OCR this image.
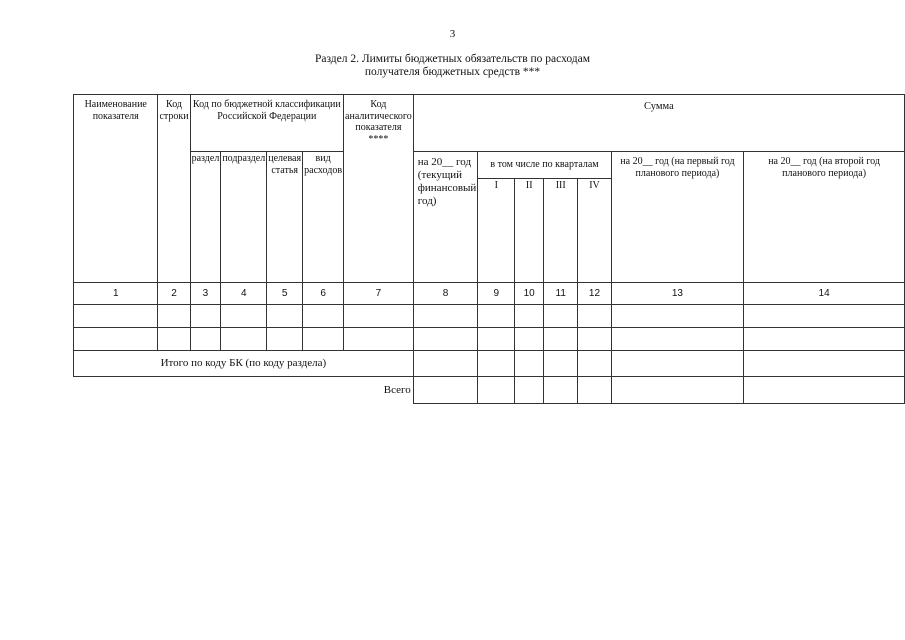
3
Раздел 2. Лимиты бюджетных обязательств по расходам
получателя бюджетных средств ***
Наименование показателя	Код строки	Код по бюджетной классификации Российской Федерации				Код аналитического показателя ****	Сумма						
		раздел	подраздел	целевая статья	вид расходов		на 20__ год (текущий финансовый год)	в том числе по кварталам				на 20__ год (на первый год планового периода)	на 20__ год (на второй год планового периода)
								I	II	III	IV		
1	2	3	4	5	6	7	8	9	10	11	12	13	14

Итого по коду БК (по коду раздела)													
Всего													
